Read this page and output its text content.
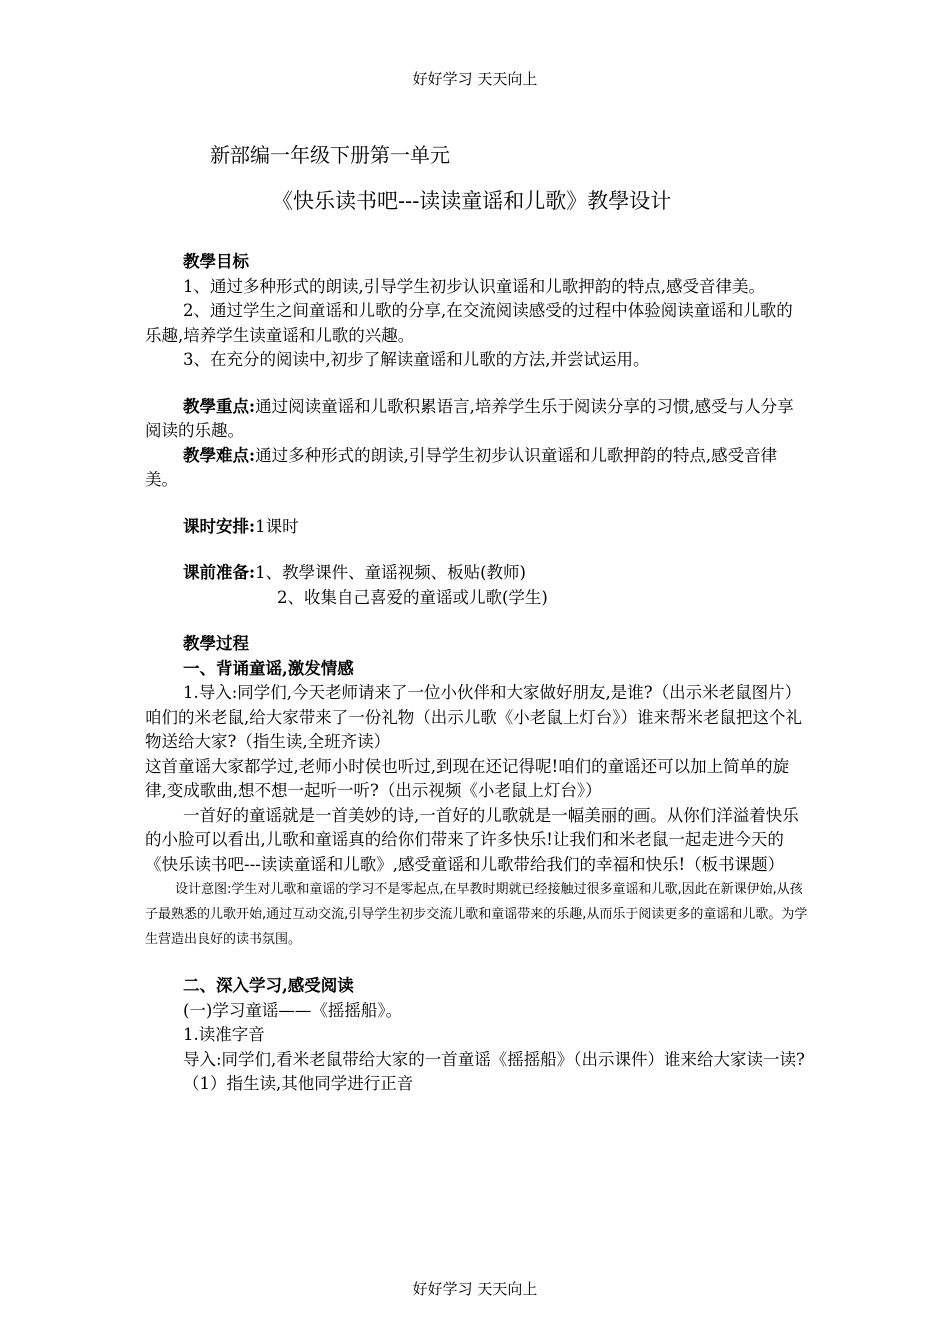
好好学习 天天向上
新部编一年级下册第一单元
《快乐读书吧---读读童谣和儿歌》教學设计

教學目标

1、通过多种形式的朗读,引导学生初步认识童谣和儿歌押韵的特点,感受音律美。

2、通过学生之间童谣和儿歌的分享,在交流阅读感受的过程中体验阅读童谣和儿歌的乐趣,培养学生读童谣和儿歌的兴趣。

3、在充分的阅读中,初步了解读童谣和儿歌的方法,并尝试运用。

教學重点:通过阅读童谣和儿歌积累语言,培养学生乐于阅读分享的习惯,感受与人分享阅读的乐趣。

教學难点:通过多种形式的朗读,引导学生初步认识童谣和儿歌押韵的特点,感受音律美。

课时安排:1课时

课前准备:1、教學课件、童谣视频、板贴(教师)

2、收集自己喜爱的童谣或儿歌(学生)

教學过程

一、背诵童谣,激发情感

1.导入:同学们,今天老师请来了一位小伙伴和大家做好朋友,是谁?（出示米老鼠图片）咱们的米老鼠,给大家带来了一份礼物（出示儿歌《小老鼠上灯台》）谁来帮米老鼠把这个礼物送给大家?（指生读,全班齐读）

这首童谣大家都学过,老师小时侯也听过,到现在还记得呢!咱们的童谣还可以加上简单的旋律,变成歌曲,想不想一起听一听?（出示视频《小老鼠上灯台》）

一首好的童谣就是一首美妙的诗,一首好的儿歌就是一幅美丽的画。从你们洋溢着快乐的小脸可以看出,儿歌和童谣真的给你们带来了许多快乐!让我们和米老鼠一起走进今天的《快乐读书吧---读读童谣和儿歌》,感受童谣和儿歌带给我们的幸福和快乐!（板书课题）

设计意图:学生对儿歌和童谣的学习不是零起点,在早教时期就已经接触过很多童谣和儿歌,因此在新课伊始,从孩子最熟悉的儿歌开始,通过互动交流,引导学生初步交流儿歌和童谣带来的乐趣,从而乐于阅读更多的童谣和儿歌。为学生营造出良好的读书氛围。

二、深入学习,感受阅读

(一)学习童谣——《摇摇船》。

1.读准字音

导入:同学们,看米老鼠带给大家的一首童谣《摇摇船》（出示课件）谁来给大家读一读?

（1）指生读,其他同学进行正音

好好学习 天天向上
